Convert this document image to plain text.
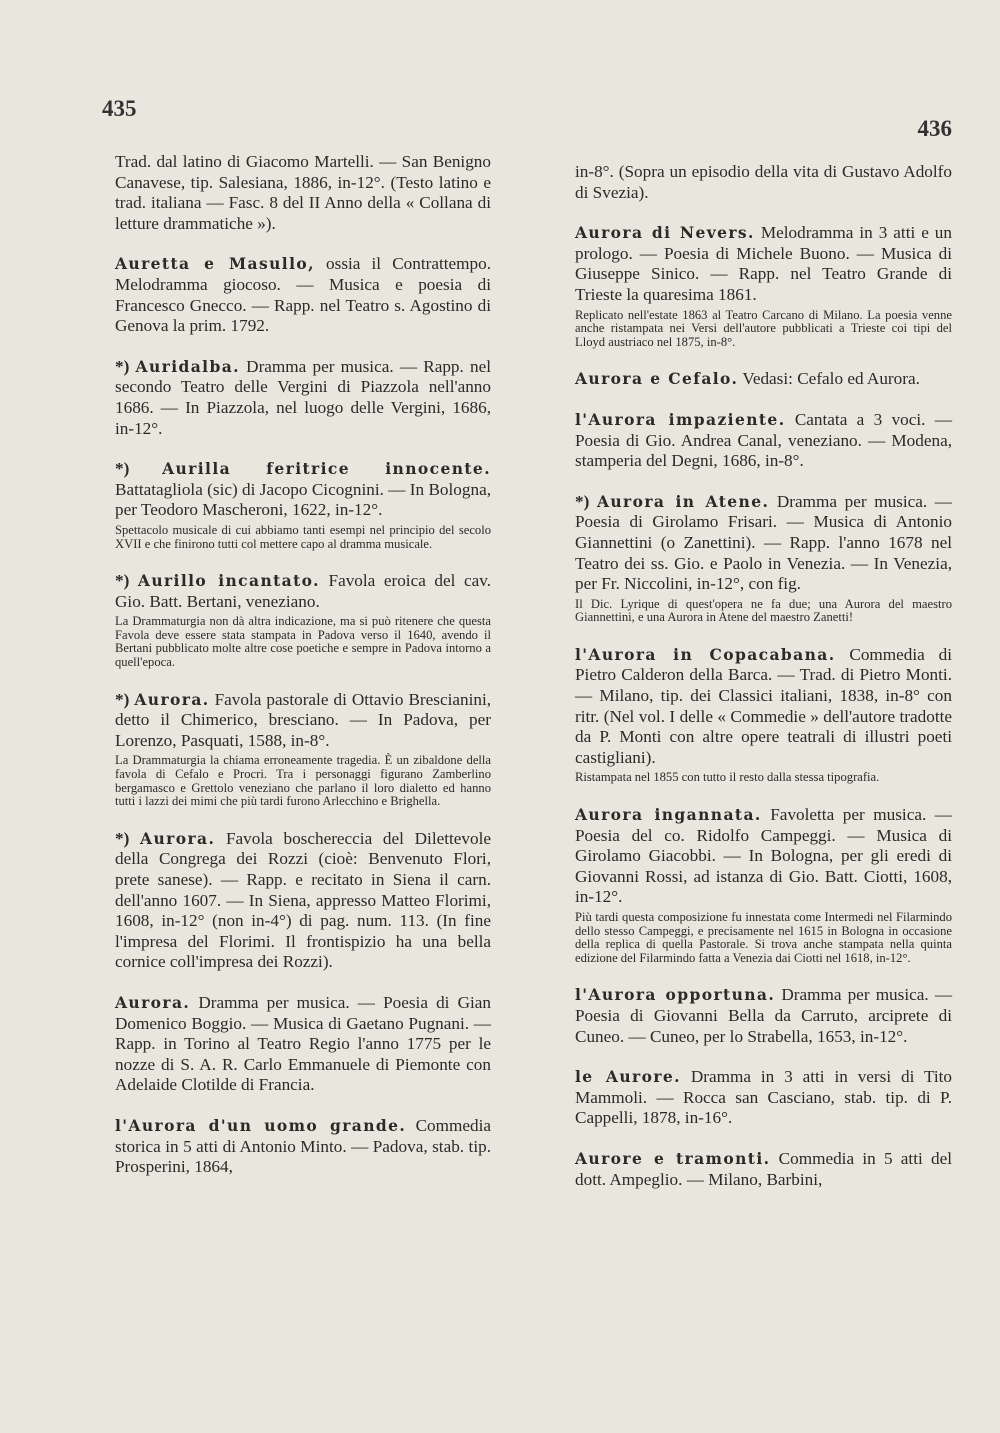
435
436
Trad. dal latino di Giacomo Martelli. — San Benigno Canavese, tip. Salesiana, 1886, in-12°. (Testo latino e trad. italiana — Fasc. 8 del II Anno della « Collana di letture drammatiche »).
Auretta e Masullo, ossia il Contrattempo. Melodramma giocoso. — Musica e poesia di Francesco Gnecco. — Rapp. nel Teatro s. Agostino di Genova la prim. 1792.
*) Auridalba. Dramma per musica. — Rapp. nel secondo Teatro delle Vergini di Piazzola nell'anno 1686. — In Piazzola, nel luogo delle Vergini, 1686, in-12°.
*) Aurilla feritrice innocente. Battatagliola (sic) di Jacopo Cicognini. — In Bologna, per Teodoro Mascheroni, 1622, in-12°.
Spettacolo musicale di cui abbiamo tanti esempi nel principio del secolo XVII e che finirono tutti col mettere capo al dramma musicale.
*) Aurillo incantato. Favola eroica del cav. Gio. Batt. Bertani, veneziano.
La Drammaturgia non dà altra indicazione, ma si può ritenere che questa Favola deve essere stata stampata in Padova verso il 1640, avendo il Bertani pubblicato molte altre cose poetiche e sempre in Padova intorno a quell'epoca.
*) Aurora. Favola pastorale di Ottavio Brescianini, detto il Chimerico, bresciano. — In Padova, per Lorenzo, Pasquati, 1588, in-8°.
La Drammaturgia la chiama erroneamente tragedia. È un zibaldone della favola di Cefalo e Procri. Tra i personaggi figurano Zamberlino bergamasco e Grettolo veneziano che parlano il loro dialetto ed hanno tutti i lazzi dei mimi che più tardi furono Arlecchino e Brighella.
*) Aurora. Favola boschereccia del Dilettevole della Congrega dei Rozzi (cioè: Benvenuto Flori, prete sanese). — Rapp. e recitato in Siena il carn. dell'anno 1607. — In Siena, appresso Matteo Florimi, 1608, in-12° (non in-4°) di pag. num. 113. (In fine l'impresa del Florimi. Il frontispizio ha una bella cornice coll'impresa dei Rozzi).
Aurora. Dramma per musica. — Poesia di Gian Domenico Boggio. — Musica di Gaetano Pugnani. — Rapp. in Torino al Teatro Regio l'anno 1775 per le nozze di S. A. R. Carlo Emmanuele di Piemonte con Adelaide Clotilde di Francia.
l'Aurora d'un uomo grande. Commedia storica in 5 atti di Antonio Minto. — Padova, stab. tip. Prosperini, 1864,
in-8°. (Sopra un episodio della vita di Gustavo Adolfo di Svezia).
Aurora di Nevers. Melodramma in 3 atti e un prologo. — Poesia di Michele Buono. — Musica di Giuseppe Sinico. — Rapp. nel Teatro Grande di Trieste la quaresima 1861.
Replicato nell'estate 1863 al Teatro Carcano di Milano. La poesia venne anche ristampata nei Versi dell'autore pubblicati a Trieste coi tipi del Lloyd austriaco nel 1875, in-8°.
Aurora e Cefalo. Vedasi: Cefalo ed Aurora.
l'Aurora impaziente. Cantata a 3 voci. — Poesia di Gio. Andrea Canal, veneziano. — Modena, stamperia del Degni, 1686, in-8°.
*) Aurora in Atene. Dramma per musica. — Poesia di Girolamo Frisari. — Musica di Antonio Giannettini (o Zanettini). — Rapp. l'anno 1678 nel Teatro dei ss. Gio. e Paolo in Venezia. — In Venezia, per Fr. Niccolini, in-12°, con fig.
Il Dic. Lyrique di quest'opera ne fa due; una Aurora del maestro Giannettini, e una Aurora in Atene del maestro Zanetti!
l'Aurora in Copacabana. Commedia di Pietro Calderon della Barca. — Trad. di Pietro Monti. — Milano, tip. dei Classici italiani, 1838, in-8° con ritr. (Nel vol. I delle « Commedie » dell'autore tradotte da P. Monti con altre opere teatrali di illustri poeti castigliani).
Ristampata nel 1855 con tutto il resto dalla stessa tipografia.
Aurora ingannata. Favoletta per musica. — Poesia del co. Ridolfo Campeggi. — Musica di Girolamo Giacobbi. — In Bologna, per gli eredi di Giovanni Rossi, ad istanza di Gio. Batt. Ciotti, 1608, in-12°.
Più tardi questa composizione fu innestata come Intermedi nel Filarmindo dello stesso Campeggi, e precisamente nel 1615 in Bologna in occasione della replica di quella Pastorale. Si trova anche stampata nella quinta edizione del Filarmindo fatta a Venezia dai Ciotti nel 1618, in-12°.
l'Aurora opportuna. Dramma per musica. — Poesia di Giovanni Bella da Carruto, arciprete di Cuneo. — Cuneo, per lo Strabella, 1653, in-12°.
le Aurore. Dramma in 3 atti in versi di Tito Mammoli. — Rocca san Casciano, stab. tip. di P. Cappelli, 1878, in-16°.
Aurore e tramonti. Commedia in 5 atti del dott. Ampeglio. — Milano, Barbini,
